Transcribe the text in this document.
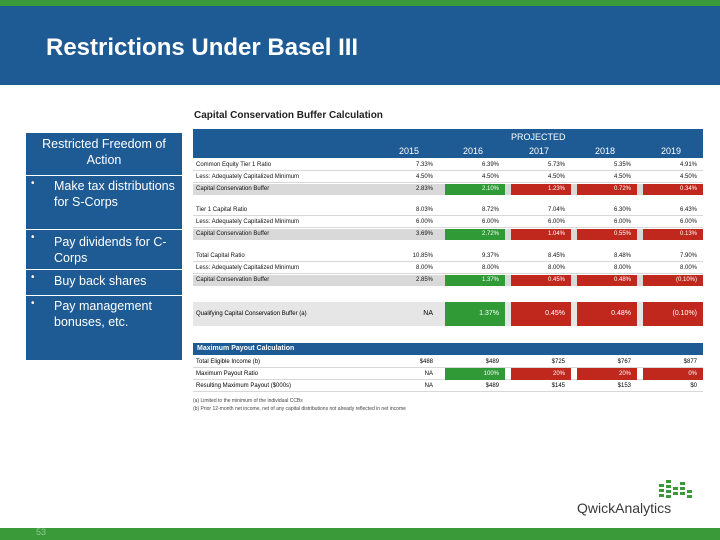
Restrictions Under Basel III
Restricted Freedom of Action
• Make tax distributions for S-Corps
• Pay dividends for C-Corps
• Buy back shares
• Pay management bonuses, etc.
Capital Conservation Buffer Calculation
PROJECTED
2015	2016	2017	2018	2019
Common Equity Tier 1 Ratio	7.33%	6.39%	5.73%	5.35%	4.91%
Less: Adequately Capitalized Minimum	4.50%	4.50%	4.50%	4.50%	4.50%
Capital Conservation Buffer	2.83%	2.10%	1.23%	0.72%	0.34%
Tier 1 Capital Ratio	8.03%	8.72%	7.04%	6.30%	6.43%
Less: Adequately Capitalized Minimum	6.00%	6.00%	6.00%	6.00%	6.00%
Capital Conservation Buffer	3.69%	2.72%	1.04%	0.55%	0.13%
Total Capital Ratio	10.85%	9.37%	8.45%	8.48%	7.90%
Less: Adequately Capitalized Minimum	8.00%	8.00%	8.00%	8.00%	8.00%
Capital Conservation Buffer	2.85%	1.37%	0.45%	0.48%	(0.10%)
Qualifying Capital Conservation Buffer (a)	NA	1.37%	0.45%	0.48%	(0.10%)
Maximum Payout Calculation
Total Eligible Income (b)	$488	$489	$725	$767	$877
Maximum Payout Ratio	NA	100%	20%	20%	0%
Resulting Maximum Payout ($000s)	NA	$489	$145	$153	$0
(a) Limited to the minimum of the individual CCBs
(b) Prior 12-month net income, net of any capital distributions not already reflected in net income
QwickAnalytics
53
